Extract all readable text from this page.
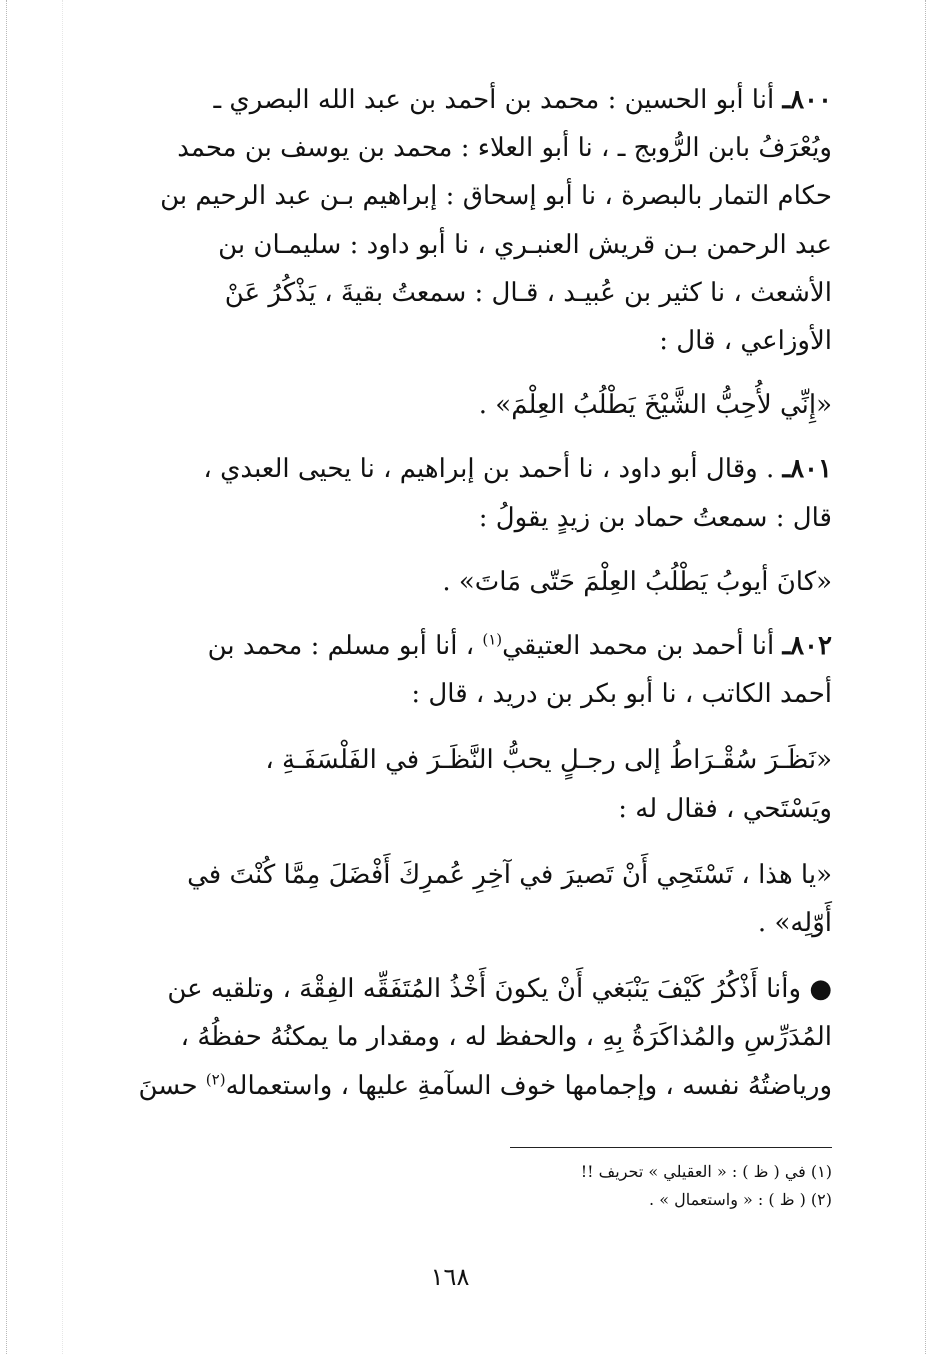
٨٠٠ـ أنا أبو الحسين : محمد بن أحمد بن عبد الله البصري ـ
ويُعْرَفُ بابن الرُّوبج ـ ، نا أبو العلاء : محمد بن يوسف بن محمد
حكام التمار بالبصرة ، نا أبو إسحاق : إبراهيم بـن عبد الرحيم بن
عبد الرحمن بـن قريش العنبـري ، نا أبو داود : سليمـان بن
الأشعث ، نا كثير بن عُبيـد ، قـال : سمعتُ بقيةَ ، يَذْكُرُ عَنْ
الأوزاعي ، قال :

«إِنِّي لأُحِبُّ الشَّيْخَ يَطْلُبُ العِلْمَ» .

٨٠١ـ . وقال أبو داود ، نا أحمد بن إبراهيم ، نا يحيى العبدي ،
قال : سمعتُ حماد بن زيدٍ يقولُ :

«كانَ أيوبُ يَطْلُبُ العِلْمَ حَتّى مَاتَ» .

٨٠٢ـ أنا أحمد بن محمد العتيقي$^{(١)}$ ، أنا أبو مسلم : محمد بن
أحمد الكاتب ، نا أبو بكر بن دريد ، قال :

«نَظَـرَ سُقْـرَاطُ إلى رجـلٍ يحبُّ النَّظَـرَ في الفَلْسَفَـةِ ،
ويَسْتَحي ، فقال له :

«يا هذا ، تَسْتَحِي أَنْ تَصيرَ في آخِرِ عُمرِكَ أَفْضَلَ مِمَّا كُنْتَ في
أَوّلِه» .

● وأنا أَذْكُرُ كَيْفَ يَنْبَغي أَنْ يكونَ أَخْذُ المُتَفَقِّه الفِقْهَ ، وتلقيه عن
المُدَرِّسِ والمُذاكَرَةُ بِهِ ، والحفظ له ، ومقدار ما يمكنُهُ حفظُهُ ،
ورياضتُهُ نفسه ، وإجمامها خوف السآمةِ عليها ، واستعماله$^{(٢)}$ حسنَ

(١) في ( ظ ) : « العقيلي » تحريف !!

(٢) ( ظ ) : « واستعمال » .

١٦٨
